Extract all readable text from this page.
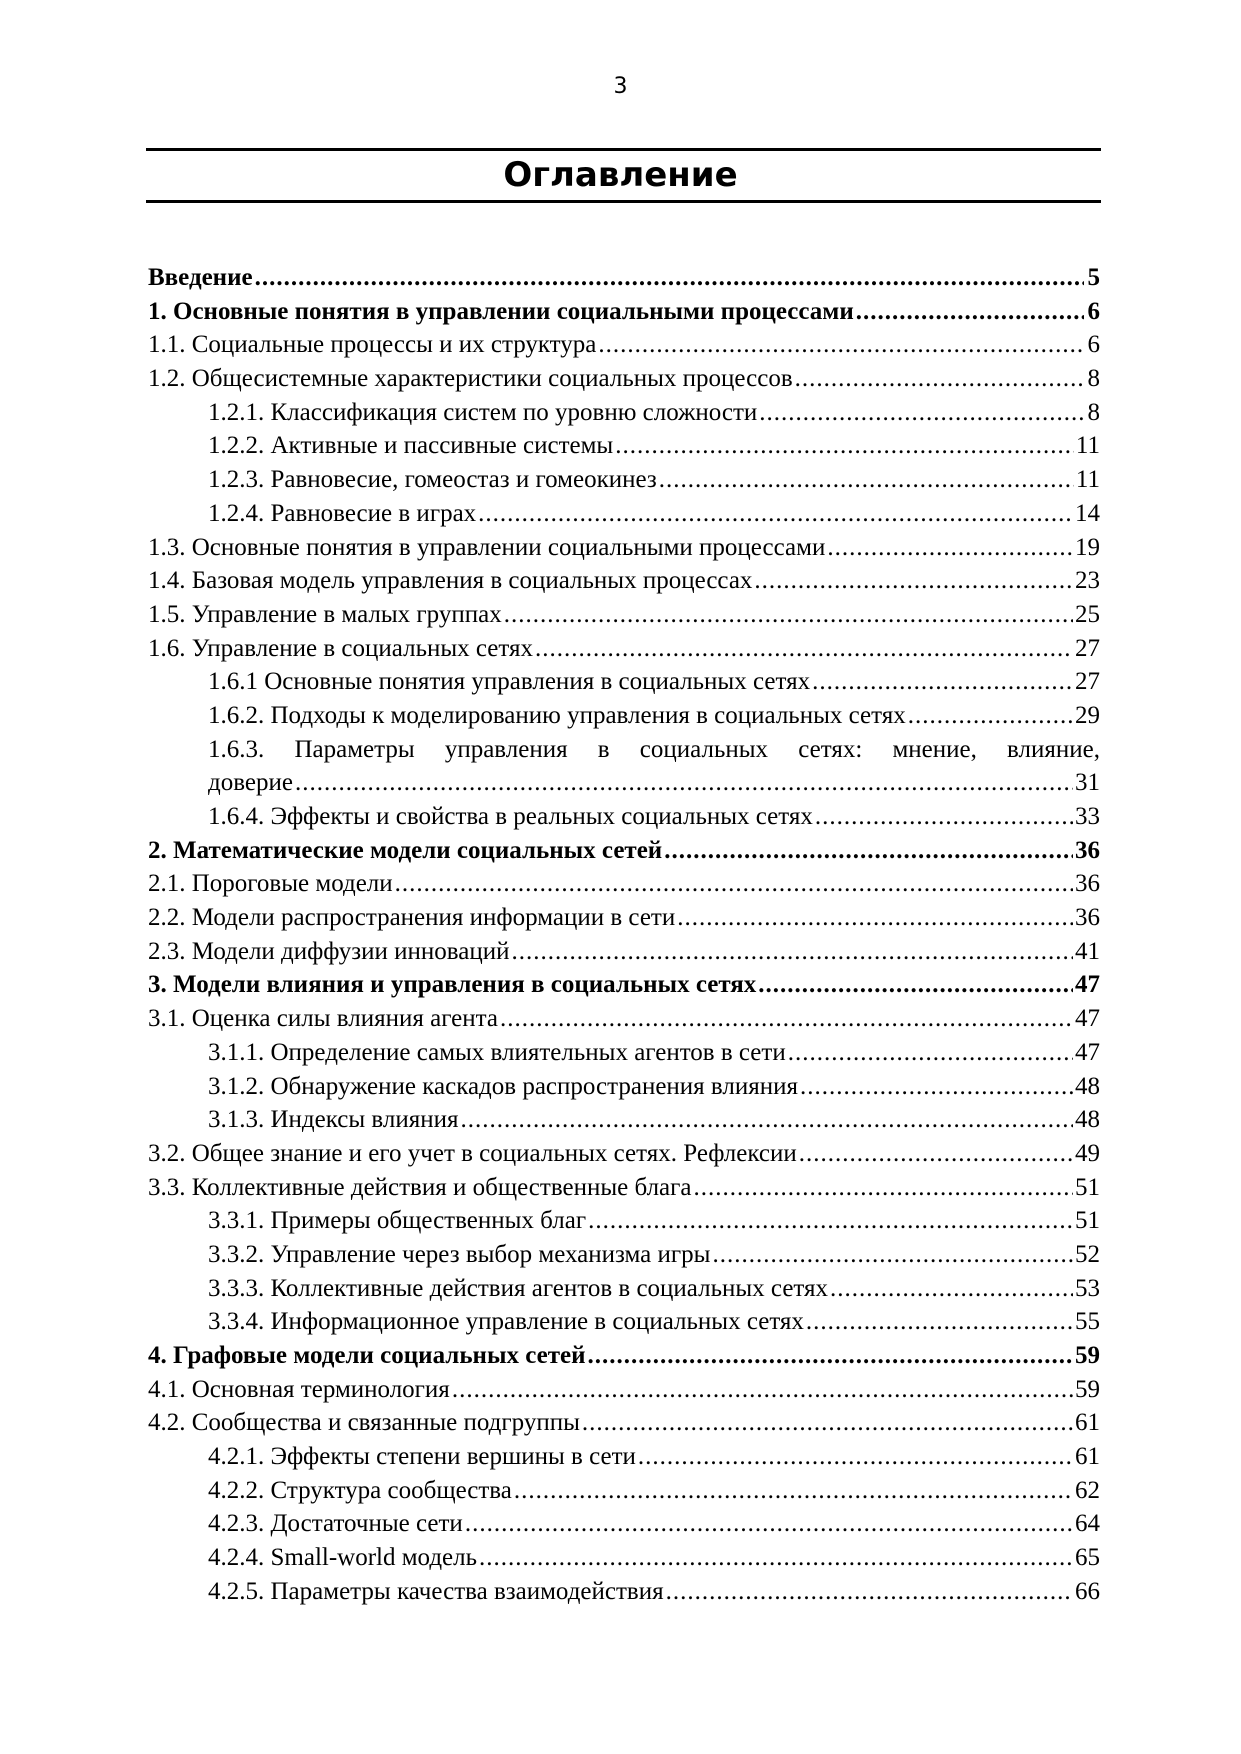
3
Оглавление
Введение .....	5
1. Основные понятия в управлении социальными процессами .....	6
1.1. Социальные процессы и их структура .....	6
1.2. Общесистемные характеристики социальных процессов .....	8
1.2.1. Классификация систем по уровню сложности .....	8
1.2.2. Активные и пассивные системы .....	11
1.2.3. Равновесие, гомеостаз и гомеокинез .....	11
1.2.4. Равновесие в играх .....	14
1.3. Основные понятия в управлении социальными процессами .....	19
1.4. Базовая модель управления в социальных процессах .....	23
1.5. Управление в малых группах .....	25
1.6. Управление в социальных сетях .....	27
1.6.1 Основные понятия управления в социальных сетях .....	27
1.6.2. Подходы к моделированию управления в социальных сетях .....	29
1.6.3. Параметры управления в социальных сетях: мнение, влияние,
доверие .....	31
1.6.4. Эффекты и свойства в реальных социальных сетях .....	33
2. Математические модели социальных сетей .....	36
2.1. Пороговые модели .....	36
2.2. Модели распространения информации в сети .....	36
2.3. Модели диффузии инноваций .....	41
3. Модели влияния и управления в социальных сетях .....	47
3.1. Оценка силы влияния агента .....	47
3.1.1. Определение самых влиятельных агентов в сети .....	47
3.1.2. Обнаружение каскадов распространения влияния .....	48
3.1.3. Индексы влияния .....	48
3.2. Общее знание и его учет в социальных сетях. Рефлексии .....	49
3.3. Коллективные действия и общественные блага .....	51
3.3.1. Примеры общественных благ .....	51
3.3.2. Управление через выбор механизма игры .....	52
3.3.3. Коллективные действия агентов в социальных сетях .....	53
3.3.4. Информационное управление в социальных сетях .....	55
4. Графовые модели социальных сетей .....	59
4.1. Основная терминология .....	59
4.2. Сообщества и связанные подгруппы .....	61
4.2.1. Эффекты степени вершины в сети .....	61
4.2.2. Структура сообщества .....	62
4.2.3. Достаточные сети .....	64
4.2.4. Small-world модель .....	65
4.2.5. Параметры качества взаимодействия .....	66
